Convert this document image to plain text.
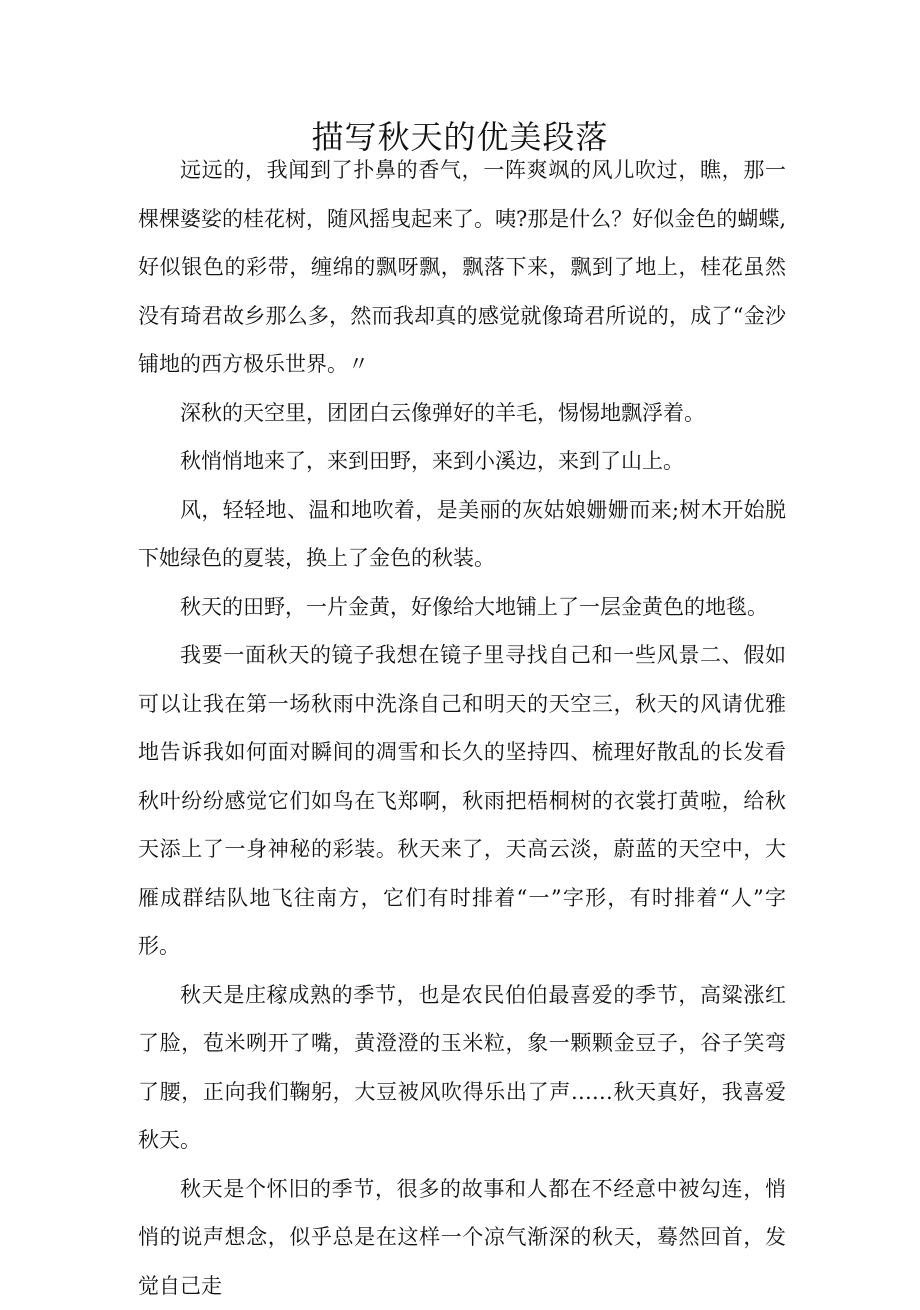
描写秋天的优美段落

远远的，我闻到了扑鼻的香气，一阵爽飒的风儿吹过，瞧，那一棵棵婆娑的桂花树，随风摇曳起来了。咦?那是什么？好似金色的蝴蝶,好似银色的彩带，缠绵的飘呀飘，飘落下来，飘到了地上，桂花虽然没有琦君故乡那么多，然而我却真的感觉就像琦君所说的，成了“金沙铺地的西方极乐世界。〃

深秋的天空里，团团白云像弹好的羊毛，惕惕地飘浮着。

秋悄悄地来了，来到田野，来到小溪边，来到了山上。

风，轻轻地、温和地吹着，是美丽的灰姑娘姗姗而来;树木开始脱下她绿色的夏装，换上了金色的秋装。

秋天的田野，一片金黄，好像给大地铺上了一层金黄色的地毯。

我要一面秋天的镜子我想在镜子里寻找自己和一些风景二、假如可以让我在第一场秋雨中洗涤自己和明天的天空三，秋天的风请优雅地告诉我如何面对瞬间的凋雪和长久的坚持四、梳理好散乱的长发看秋叶纷纷感觉它们如鸟在飞郑啊，秋雨把梧桐树的衣裳打黄啦，给秋天添上了一身神秘的彩装。秋天来了，天高云淡，蔚蓝的天空中，大雁成群结队地飞往南方，它们有时排着“一”字形，有时排着“人”字形。

秋天是庄稼成熟的季节，也是农民伯伯最喜爱的季节，高粱涨红了脸，苞米咧开了嘴，黄澄澄的玉米粒，象一颗颗金豆子，谷子笑弯了腰，正向我们鞠躬，大豆被风吹得乐出了声……秋天真好，我喜爱秋天。

秋天是个怀旧的季节，很多的故事和人都在不经意中被勾连，悄悄的说声想念，似乎总是在这样一个凉气渐深的秋天，蓦然回首，发觉自己走
